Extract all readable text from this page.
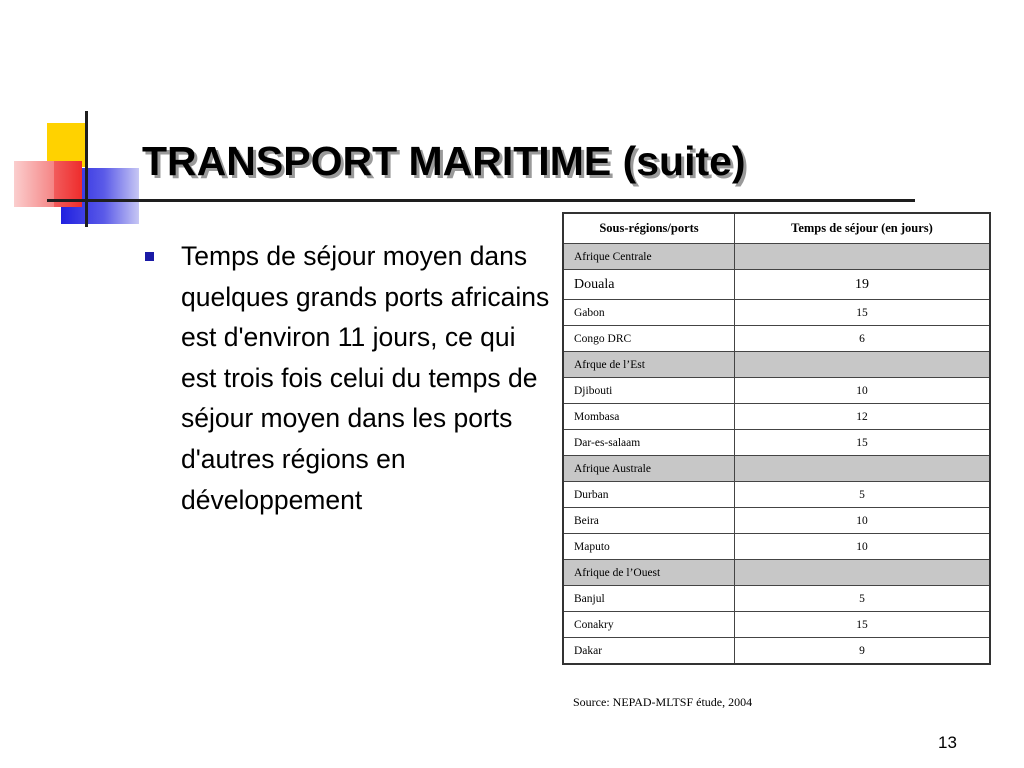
TRANSPORT MARITIME (suite)

Temps de séjour moyen dans quelques grands ports africains est d'environ 11 jours, ce qui est trois fois celui du temps de séjour moyen dans les ports d'autres régions en développement

Sous-régions/ports	Temps de séjour (en jours)
Afrique Centrale	
Douala	19
Gabon	15
Congo DRC	6
Afrque de l’Est	
Djibouti	10
Mombasa	12
Dar-es-salaam	15
Afrique Australe	
Durban	5
Beira	10
Maputo	10
Afrique de l’Ouest	
Banjul	5
Conakry	15
Dakar	9

Source: NEPAD-MLTSF étude, 2004

13
